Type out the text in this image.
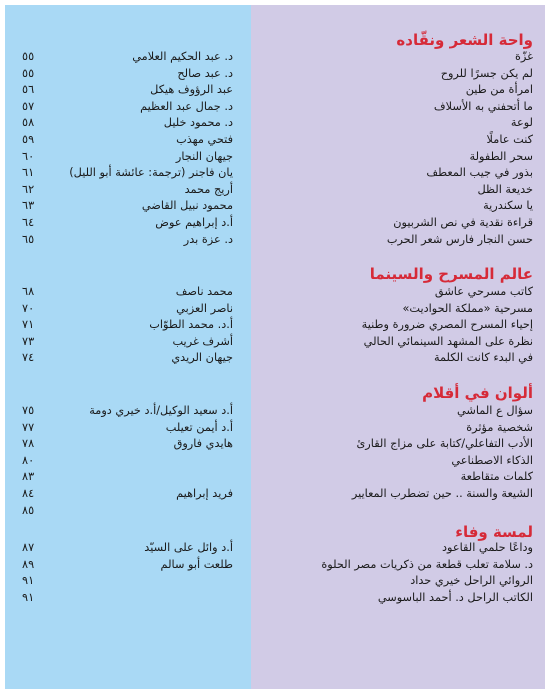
واحة الشعر ونقّاده
غزّة
د. عبد الحكيم العلامي
٥٥
لم يكن جسرًا للروح
د. عبد صالح
٥٥
امرأة من طين
عبد الرؤوف هيكل
٥٦
ما أتحفني به الأسلاف
د. جمال عبد العظيم
٥٧
لوعة
د. محمود خليل
٥٨
كنت عاملًا
فتحي مهذب
٥٩
سحر الطفولة
جيهان النجار
٦٠
بذور في جيب المعطف
يان فاجنر (ترجمة: عائشة أبو الليل)
٦١
خديعة الظل
أريج محمد
٦٢
يا سكندرية
محمود نبيل القاضي
٦٣
قراءة نقدية في نص الشربيون
أ.د إبراهيم عوض
٦٤
حسن النجار فارس شعر الحرب
د. عزة بدر
٦٥
عالم المسرح والسينما
كاتب مسرحي عاشق
محمد ناصف
٦٨
مسرحية «مملكة الحواديت»
ناصر العزبي
٧٠
إحياء المسرح المصري ضرورة وطنية
أ.د. محمد الطوّاب
٧١
نظرة على المشهد السينمائي الحالي
أشرف غريب
٧٣
في البدء كانت الكلمة
جيهان الريدي
٧٤
ألوان في أقلام
سؤال ع الماشي
أ.د سعيد الوكيل/أ.د خيري دومة
٧٥
شخصية مؤثرة
أ.د أيمن تعيلب
٧٧
الأدب التفاعلي/كتابة على مزاج القارئ
هايدي فاروق
٧٨
الذكاء الاصطناعي
٨٠
كلمات متقاطعة
٨٣
الشيعة والسنة .. حين تضطرب المعايير
فريد إبراهيم
٨٤
٨٥
لمسة وفاء
وداعًا حلمي القاعود
أ.د وائل على السيّد
٨٧
د. سلامة تعلب قطعة من ذكريات مصر الحلوة
طلعت أبو سالم
٨٩
الروائي الراحل خيري حداد
٩١
الكاتب الراحل د. أحمد الباسوسي
٩١
